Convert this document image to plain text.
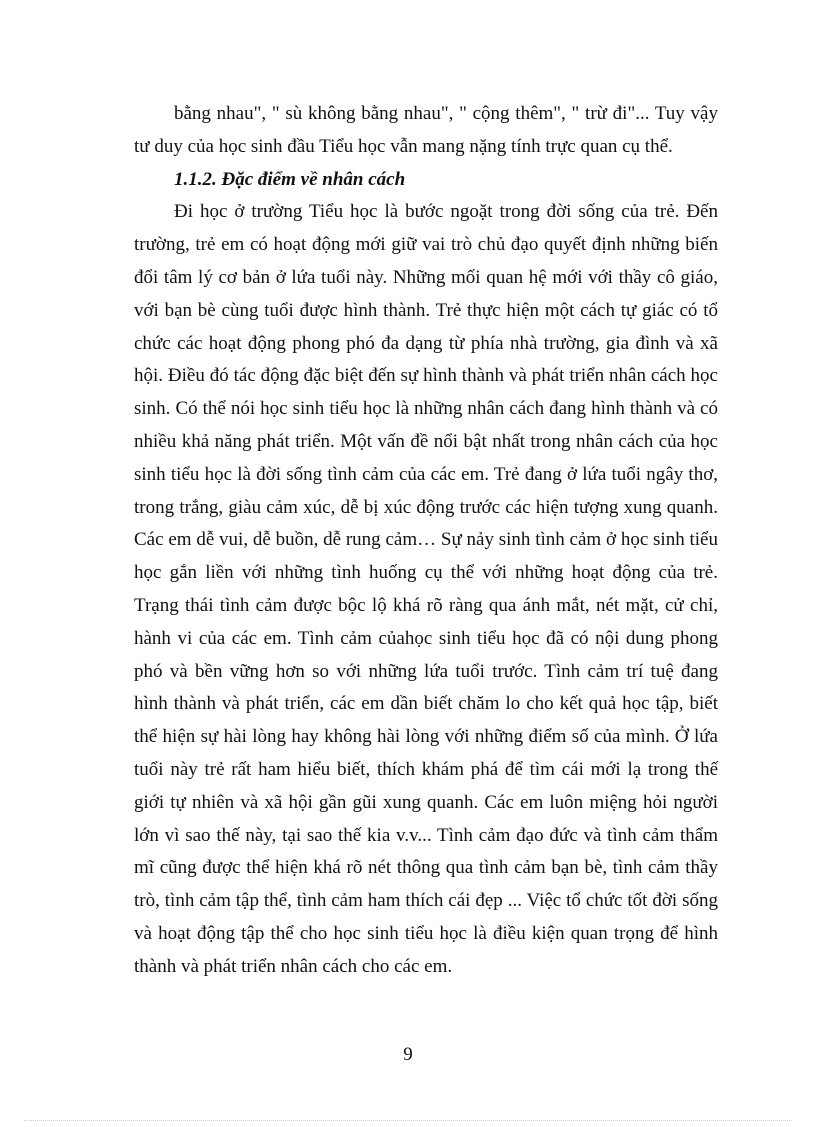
bằng nhau", " sù không bằng nhau", " cộng thêm", " trừ đi"... Tuy vậy tư duy của học sinh đầu Tiểu học vẫn mang nặng tính trực quan cụ thể.

1.1.2. Đặc điểm về nhân cách

Đi học ở trường Tiểu học là bước ngoặt trong đời sống của trẻ. Đến trường, trẻ em có hoạt động mới giữ vai trò chủ đạo quyết định những biến đổi tâm lý cơ bản ở lứa tuổi này. Những mối quan hệ mới với thầy cô giáo, với bạn bè cùng tuổi được hình thành. Trẻ thực hiện một cách tự giác có tổ chức các hoạt động phong phó đa dạng từ phía nhà trường, gia đình và xã hội. Điều đó tác động đặc biệt đến sự hình thành và phát triển nhân cách học sinh. Có thể nói học sinh tiểu học là những nhân cách đang hình thành và có nhiều khả năng phát triển. Một vấn đề nổi bật nhất trong nhân cách của học sinh tiểu học là đời sống tình cảm của các em. Trẻ đang ở lứa tuổi ngây thơ, trong trắng, giàu cảm xúc, dễ bị xúc động trước các hiện tượng xung quanh. Các em dễ vui, dễ buồn, dễ rung cảm… Sự nảy sinh tình cảm ở học sinh tiểu học gắn liền với những tình huống cụ thể với những hoạt động của trẻ. Trạng thái tình cảm được bộc lộ khá rõ ràng qua ánh mắt, nét mặt, cử chỉ, hành vi của các em. Tình cảm củahọc sinh tiểu học đã có nội dung phong phó và bền vững hơn so với những lứa tuổi trước. Tình cảm trí tuệ đang hình thành và phát triển, các em dần biết chăm lo cho kết quả học tập, biết thể hiện sự hài lòng hay không hài lòng với những điểm số của mình. Ở lứa tuổi này trẻ rất ham hiểu biết, thích khám phá để tìm cái mới lạ trong thế giới tự nhiên và xã hội gần gũi xung quanh. Các em luôn miệng hỏi người lớn vì sao thế này, tại sao thế kia v.v... Tình cảm đạo đức và tình cảm thẩm mĩ cũng được thể hiện khá rõ nét thông qua tình cảm bạn bè, tình cảm thầy trò, tình cảm tập thể, tình cảm ham thích cái đẹp ... Việc tổ chức tốt đời sống và hoạt động tập thể cho học sinh tiểu học là điều kiện quan trọng để hình thành và phát triển nhân cách cho các em.

9
